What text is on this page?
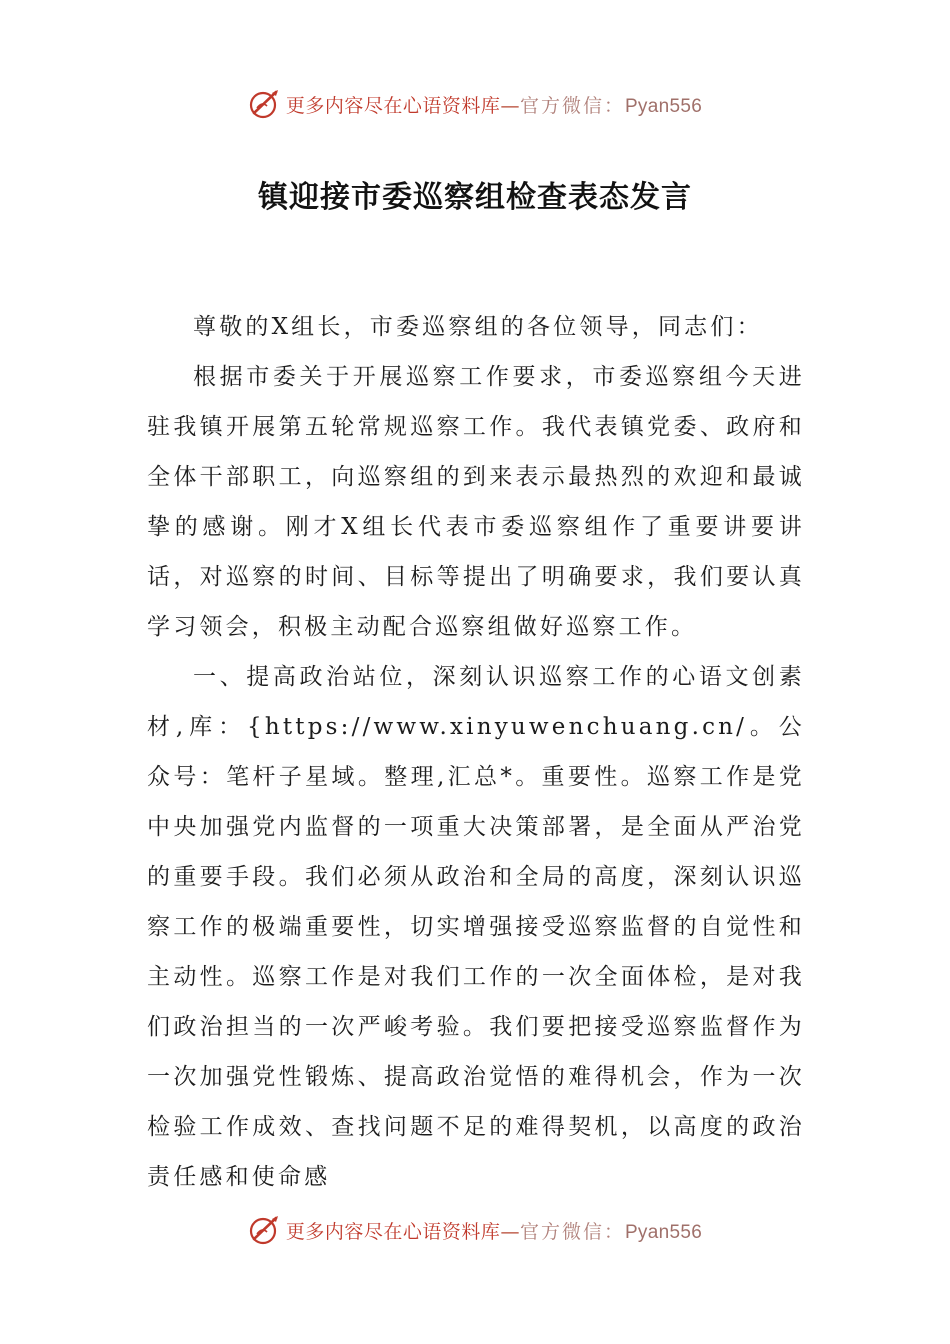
更多内容尽在心语资料库—官方微信：Pyan556
镇迎接市委巡察组检查表态发言

尊敬的X组长，市委巡察组的各位领导，同志们：

根据市委关于开展巡察工作要求，市委巡察组今天进驻我镇开展第五轮常规巡察工作。我代表镇党委、政府和全体干部职工，向巡察组的到来表示最热烈的欢迎和最诚挚的感谢。刚才X组长代表市委巡察组作了重要讲要讲话，对巡察的时间、目标等提出了明确要求，我们要认真学习领会，积极主动配合巡察组做好巡察工作。

一、提高政治站位，深刻认识巡察工作的心语文创素材,库：{https://www.xinyuwenchuang.cn/。公众号：笔杆子星域。整理,汇总*。重要性。巡察工作是党中央加强党内监督的一项重大决策部署，是全面从严治党的重要手段。我们必须从政治和全局的高度，深刻认识巡察工作的极端重要性，切实增强接受巡察监督的自觉性和主动性。巡察工作是对我们工作的一次全面体检，是对我们政治担当的一次严峻考验。我们要把接受巡察监督作为一次加强党性锻炼、提高政治觉悟的难得机会，作为一次检验工作成效、查找问题不足的难得契机，以高度的政治责任感和使命感

更多内容尽在心语资料库—官方微信：Pyan556
